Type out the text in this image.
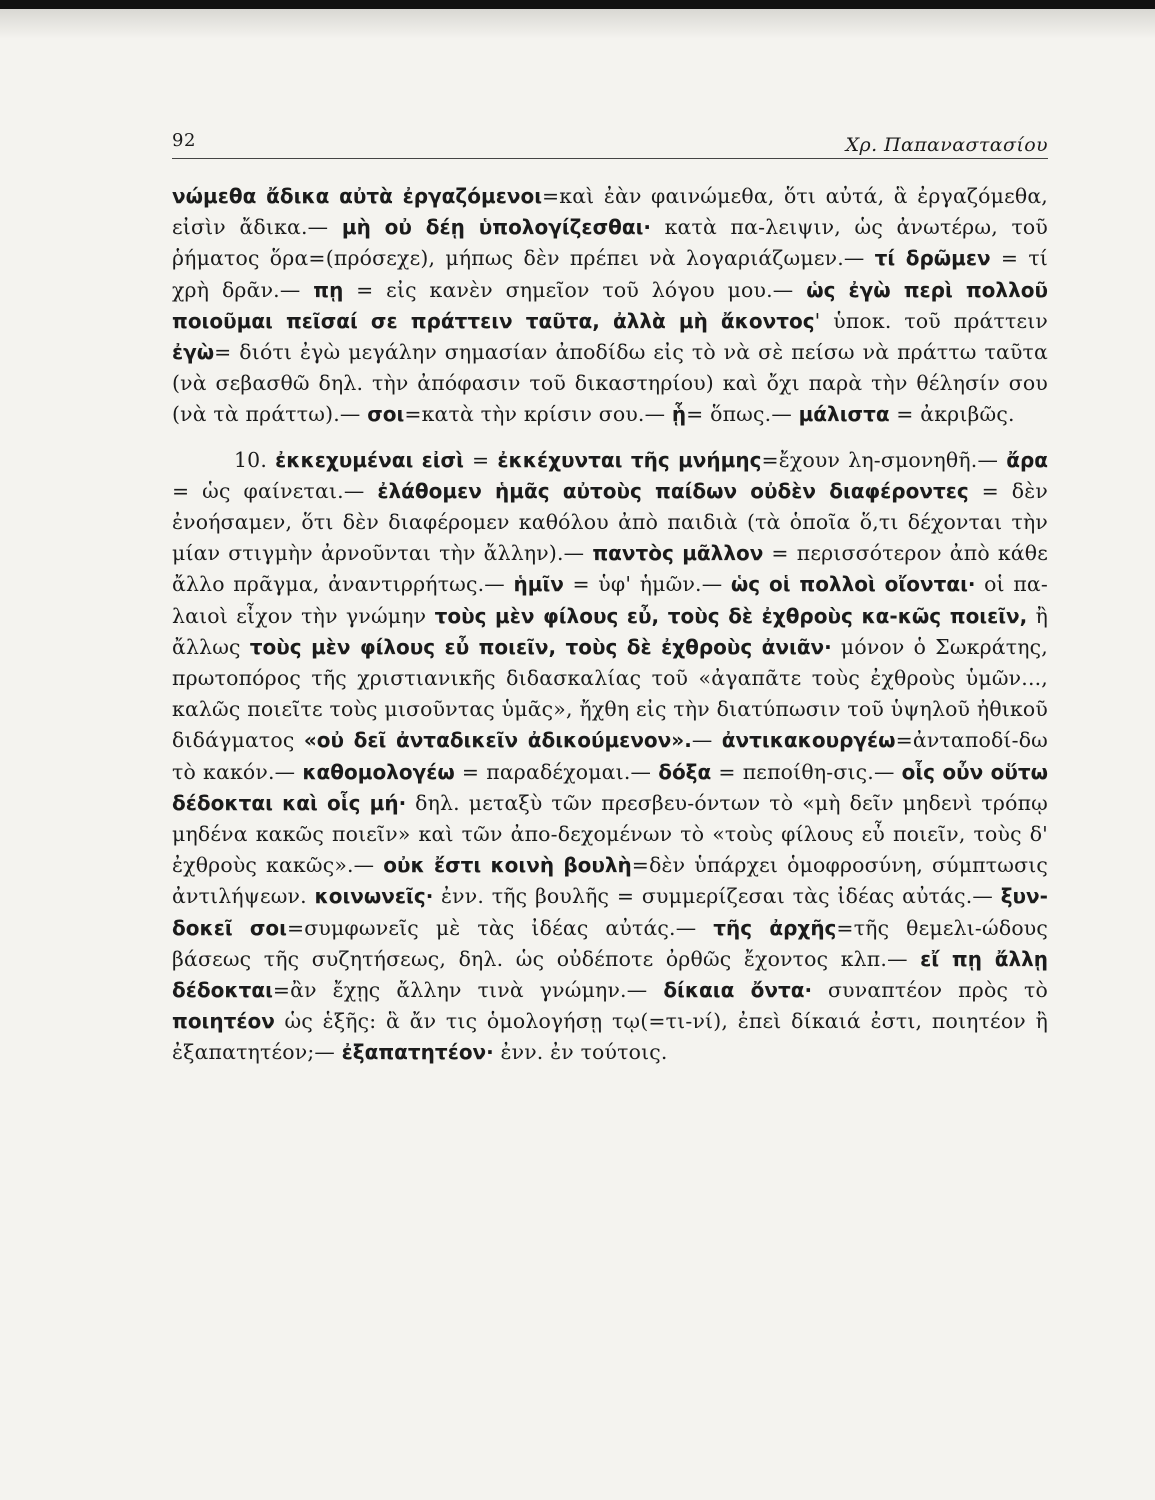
92	Χρ. Παπαναστασίου

νώμεθα ἄδικα αὐτὰ ἐργαζόμενοι=καὶ ἐὰν φαινώμεθα, ὅτι αὐτά, ἃ ἐργαζόμεθα, εἰσὶν ἄδικα.— μὴ οὐ δέῃ ὑπολογίζεσθαι· κατὰ πα-λειψιν, ὡς ἀνωτέρω, τοῦ ῥήματος ὅρα=(πρόσεχε), μήπως δὲν πρέπει νὰ λογαριάζωμεν.— τί δρῶμεν = τί χρὴ δρᾶν.— πῃ = εἰς κανὲν σημεῖον τοῦ λόγου μου.— ὡς ἐγὼ περὶ πολλοῦ ποιοῦμαι πεῖσαί σε πράττειν ταῦτα, ἀλλὰ μὴ ἄκοντος' ὑποκ. τοῦ πράττειν ἐγὼ= διότι ἐγὼ μεγάλην σημασίαν ἀποδίδω εἰς τὸ νὰ σὲ πείσω νὰ πράττω ταῦτα (νὰ σεβασθῶ δηλ. τὴν ἀπόφασιν τοῦ δικαστηρίου) καὶ ὄχι παρὰ τὴν θέλησίν σου (νὰ τὰ πράττω).— σοι=κατὰ τὴν κρίσιν σου.— ᾗ= ὅπως.— μάλιστα = ἀκριβῶς.

10. ἐκκεχυμέναι εἰσὶ = ἐκκέχυνται τῆς μνήμης=ἔχουν λη-σμονηθῆ.— ἄρα = ὡς φαίνεται.— ἐλάθομεν ἡμᾶς αὐτοὺς παίδων οὐδὲν διαφέροντες = δὲν ἐνοήσαμεν, ὅτι δὲν διαφέρομεν καθόλου ἀπὸ παιδιὰ (τὰ ὁποῖα ὅ,τι δέχονται τὴν μίαν στιγμὴν ἀρνοῦνται τὴν ἄλλην).— παντὸς μᾶλλον = περισσότερον ἀπὸ κάθε ἄλλο πρᾶγμα, ἀναντιρρήτως.— ἡμῖν = ὑφ' ἡμῶν.— ὡς οἱ πολλοὶ οἴονται· οἱ πα-λαιοὶ εἶχον τὴν γνώμην τοὺς μὲν φίλους εὖ, τοὺς δὲ ἐχθροὺς κα-κῶς ποιεῖν, ἢ ἄλλως τοὺς μὲν φίλους εὖ ποιεῖν, τοὺς δὲ ἐχθροὺς ἀνιᾶν· μόνον ὁ Σωκράτης, πρωτοπόρος τῆς χριστιανικῆς διδασκαλίας τοῦ «ἀγαπᾶτε τοὺς ἐχθροὺς ὑμῶν..., καλῶς ποιεῖτε τοὺς μισοῦντας ὑμᾶς», ἤχθη εἰς τὴν διατύπωσιν τοῦ ὑψηλοῦ ἠθικοῦ διδάγματος «οὐ δεῖ ἀνταδικεῖν ἀδικούμενον».— ἀντικακουργέω=ἀνταποδί-δω τὸ κακόν.— καθομολογέω = παραδέχομαι.— δόξα = πεποίθη-σις.— οἷς οὖν οὕτω δέδοκται καὶ οἷς μή· δηλ. μεταξὺ τῶν πρεσβευ-όντων τὸ «μὴ δεῖν μηδενὶ τρόπῳ μηδένα κακῶς ποιεῖν» καὶ τῶν ἀπο-δεχομένων τὸ «τοὺς φίλους εὖ ποιεῖν, τοὺς δ' ἐχθροὺς κακῶς».— οὐκ ἔστι κοινὴ βουλὴ=δὲν ὑπάρχει ὁμοφροσύνη, σύμπτωσις ἀντιλήψεων. κοινωνεῖς· ἐνν. τῆς βουλῆς = συμμερίζεσαι τὰς ἰδέας αὐτάς.— ξυν-δοκεῖ σοι=συμφωνεῖς μὲ τὰς ἰδέας αὐτάς.— τῆς ἀρχῆς=τῆς θεμελι-ώδους βάσεως τῆς συζητήσεως, δηλ. ὡς οὐδέποτε ὀρθῶς ἔχοντος κλπ.— εἴ πῃ ἄλλῃ δέδοκται=ἂν ἔχῃς ἄλλην τινὰ γνώμην.— δίκαια ὄντα· συναπτέον πρὸς τὸ ποιητέον ὡς ἑξῆς: ἃ ἄν τις ὁμολογήσῃ τῳ(=τι-νί), ἐπεὶ δίκαιά ἐστι, ποιητέον ἢ ἐξαπατητέον;— ἐξαπατητέον· ἐνν. ἐν τούτοις.
